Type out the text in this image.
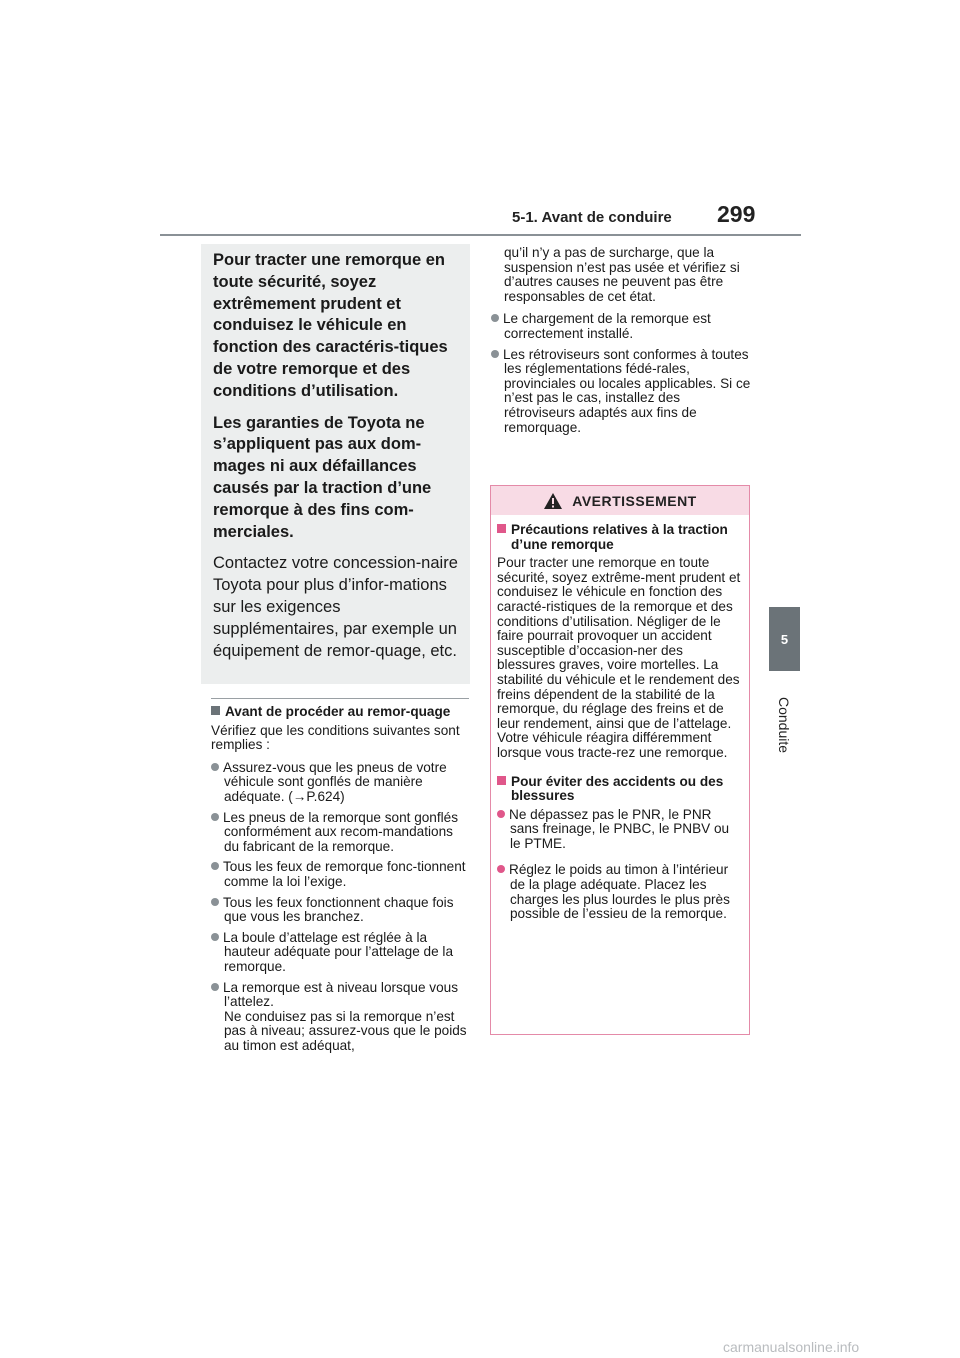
5-1. Avant de conduire 299
5
Conduite

Pour tracter une remorque en toute sécurité, soyez extrêmement prudent et conduisez le véhicule en fonction des caractéris-tiques de votre remorque et des conditions d’utilisation.

Les garanties de Toyota ne s’appliquent pas aux dom-mages ni aux défaillances causés par la traction d’une remorque à des fins com-merciales.

Contactez votre concession-naire Toyota pour plus d’infor-mations sur les exigences supplémentaires, par exemple un équipement de remor-quage, etc.

Avant de procéder au remor-quage
Vérifiez que les conditions suivantes sont remplies :
Assurez-vous que les pneus de votre véhicule sont gonflés de manière adéquate. (→P.624)
Les pneus de la remorque sont gonflés conformément aux recom-mandations du fabricant de la remorque.
Tous les feux de remorque fonc-tionnent comme la loi l’exige.
Tous les feux fonctionnent chaque fois que vous les branchez.
La boule d’attelage est réglée à la hauteur adéquate pour l’attelage de la remorque.
La remorque est à niveau lorsque vous l’attelez.
Ne conduisez pas si la remorque n’est pas à niveau; assurez-vous que le poids au timon est adéquat,
qu’il n’y a pas de surcharge, que la suspension n’est pas usée et vérifiez si d’autres causes ne peuvent pas être responsables de cet état.
Le chargement de la remorque est correctement installé.
Les rétroviseurs sont conformes à toutes les réglementations fédé-rales, provinciales ou locales applicables. Si ce n’est pas le cas, installez des rétroviseurs adaptés aux fins de remorquage.
AVERTISSEMENT
Précautions relatives à la traction d’une remorque
Pour tracter une remorque en toute sécurité, soyez extrême-ment prudent et conduisez le véhicule en fonction des caracté-ristiques de la remorque et des conditions d’utilisation. Négliger de le faire pourrait provoquer un accident susceptible d’occasion-ner des blessures graves, voire mortelles. La stabilité du véhicule et le rendement des freins dépendent de la stabilité de la remorque, du réglage des freins et de leur rendement, ainsi que de l’attelage. Votre véhicule réagira différemment lorsque vous tracte-rez une remorque.
Pour éviter des accidents ou des blessures
Ne dépassez pas le PNR, le PNR sans freinage, le PNBC, le PNBV ou le PTME.
Réglez le poids au timon à l’intérieur de la plage adéquate. Placez les charges les plus lourdes le plus près possible de l’essieu de la remorque.
carmanualsonline.info
